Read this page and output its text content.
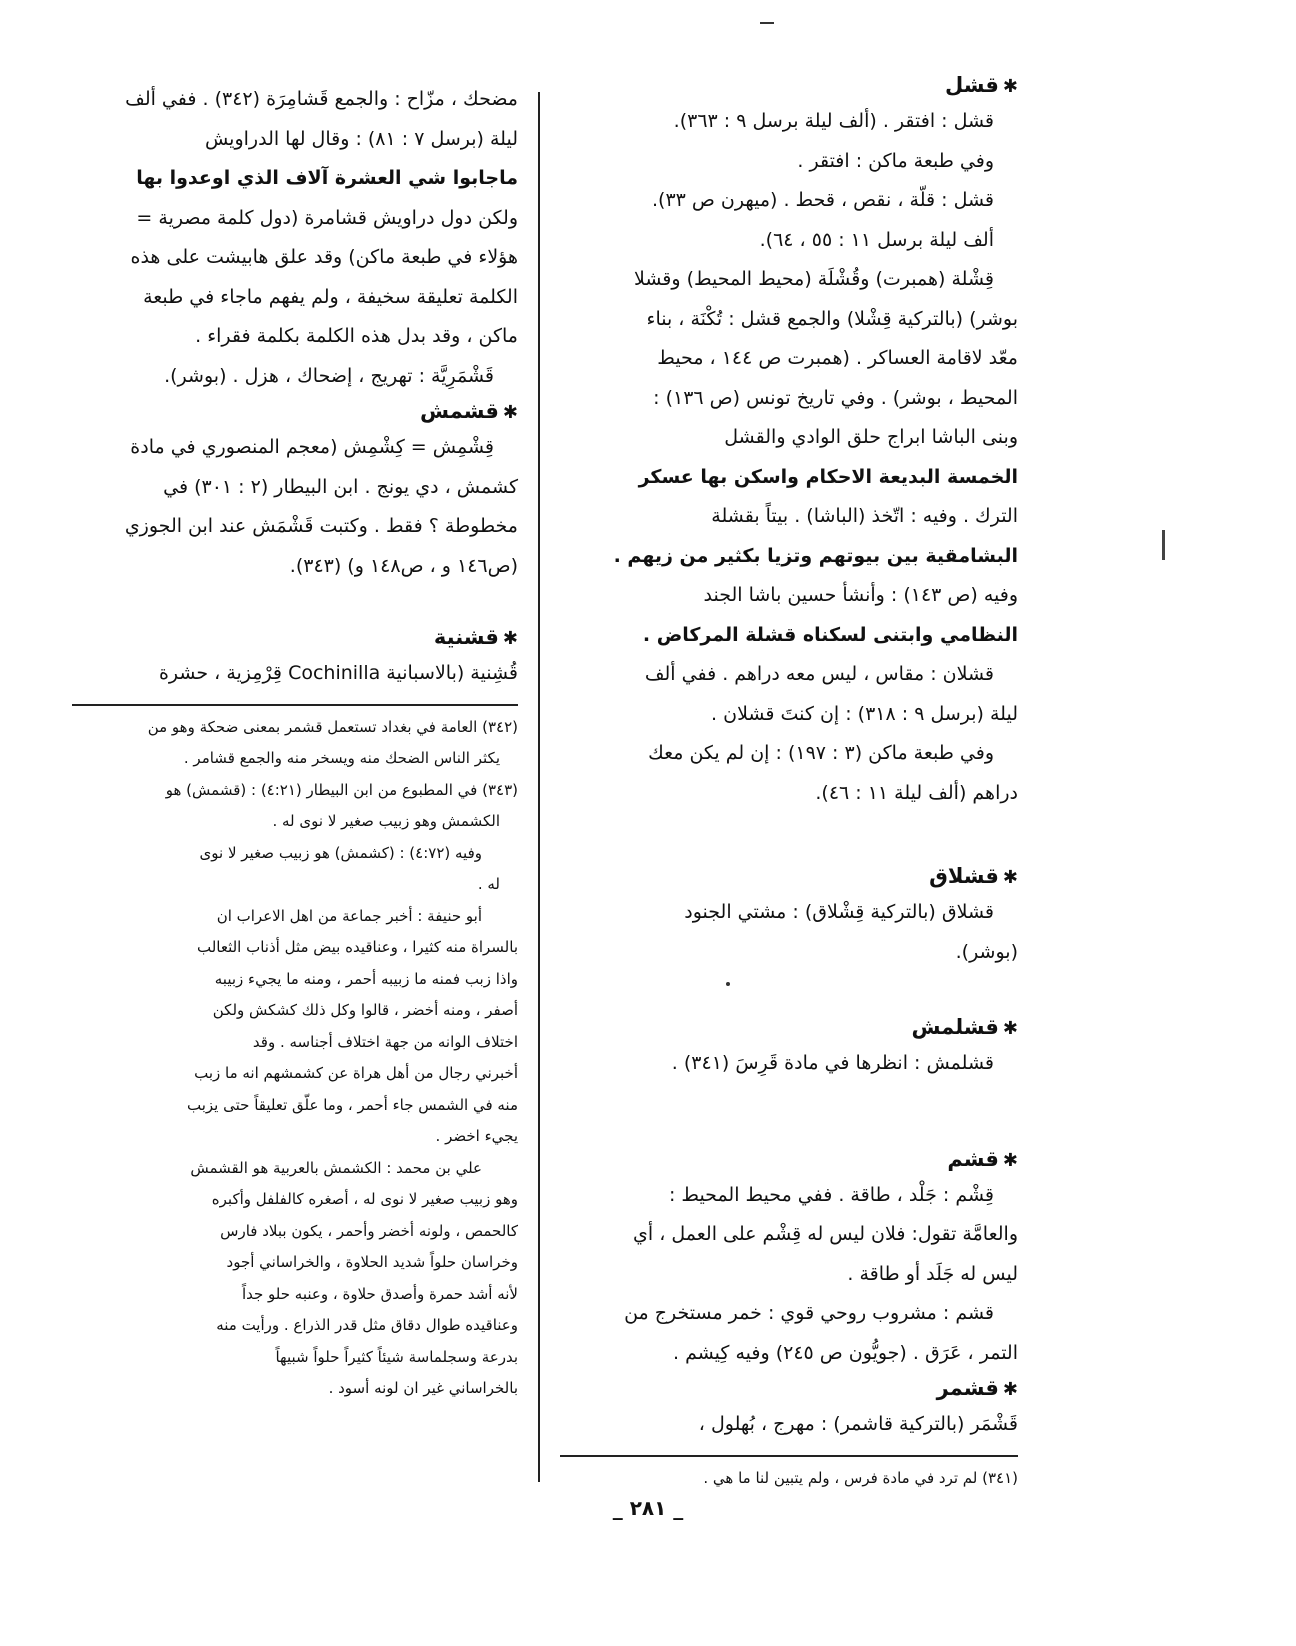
✱قشل

قشل : افتقر . (ألف ليلة برسل ٩ : ٣٦٣).

وفي طبعة ماكن : افتقر .

قشل : قلّة ، نقص ، قحط . (ميهرن ص ٣٣).

ألف ليلة برسل ١١ : ٥٥ ، ٦٤).

قِشْلة (همبرت) وقُشْلَة (محيط المحيط) وقشلا

بوشر) (بالتركية قِشْلا) والجمع قشل : تُكْنَة ، بناء

معّد لاقامة العساكر . (همبرت ص ١٤٤ ، محيط

المحيط ، بوشر) . وفي تاريخ تونس (ص ١٣٦) :

وبنى الباشا ابراج حلق الوادي والقشل

الخمسة البديعة الاحكام واسكن بها عسكر

الترك . وفيه : اتّخذ (الباشا) . بيتاً بقشلة

البشامقية بين بيوتهم وتزيا بكثير من زيهم .

وفيه (ص ١٤٣) : وأنشأ حسين باشا الجند

النظامي وابتنى لسكناه قشلة المركاض .

قشلان : مقاس ، ليس معه دراهم . ففي ألف

ليلة (برسل ٩ : ٣١٨) : إن كنتَ قشلان .

وفي طبعة ماكن (٣ : ١٩٧) : إن لم يكن معك

دراهم (ألف ليلة ١١ : ٤٦).

✱قشلاق

قشلاق (بالتركية قِشْلاق) : مشتي الجنود

(بوشر).

✱قشلمش

قشلمش : انظرها في مادة قَرِسَ (٣٤١) .

✱قشم

قِشْم : جَلْد ، طاقة . ففي محيط المحيط :

والعامَّة تقول: فلان ليس له قِشْم على العمل ، أي

ليس له جَلَد أو طاقة .

قشم : مشروب روحي قوي : خمر مستخرج من

التمر ، عَرَق . (جويُّون ص ٢٤٥) وفيه كِيشم .

✱قشمر

قَشْمَر (بالتركية قاشمر) : مهرج ، بُهلول ،

(٣٤١) لم ترد في مادة فرس ، ولم يتبين لنا ما هي .

مضحك ، مزّاح : والجمع قَشامِرَة (٣٤٢) . ففي ألف

ليلة (برسل ٧ : ٨١) : وقال لها الدراويش

ماجابوا شي العشرة آلاف الذي اوعدوا بها

ولكن دول دراويش قشامرة (دول كلمة مصرية =

هؤلاء في طبعة ماكن) وقد علق هابيشت على هذه

الكلمة تعليقة سخيفة ، ولم يفهم ماجاء في طبعة

ماكن ، وقد بدل هذه الكلمة بكلمة فقراء .

قَشْمَرِيَّة : تهريج ، إضحاك ، هزل . (بوشر).

✱قشمش

قِشْمِش = كِشْمِش (معجم المنصوري في مادة

كشمش ، دي يونج . ابن البيطار (٢ : ٣٠١) في

مخطوطة ؟ فقط . وكتبت قَشْمَش عند ابن الجوزي

(ص١٤٦ و ، ص١٤٨ و) (٣٤٣).

✱قشنية

قُشِنية (بالاسبانية Cochinilla قِرْمِزية ، حشرة

(٣٤٢) العامة في بغداد تستعمل قشمر بمعنى ضحكة وهو من

يكثر الناس الضحك منه ويسخر منه والجمع قشامر .

(٣٤٣) في المطبوع من ابن البيطار (٤:٢١) : (قشمش) هو

الكشمش وهو زبيب صغير لا نوى له .

وفيه (٤:٧٢) : (كشمش) هو زبيب صغير لا نوى

له .

أبو حنيفة : أخبر جماعة من اهل الاعراب ان

بالسراة منه كثيرا ، وعناقيده بيض مثل أذناب الثعالب

واذا زبب فمنه ما زبيبه أحمر ، ومنه ما يجيء زبيبه

أصفر ، ومنه أخضر ، قالوا وكل ذلك كشكش ولكن

اختلاف الوانه من جهة اختلاف أجناسه . وقد

أخبرني رجال من أهل هراة عن كشمشهم انه ما زبب

منه في الشمس جاء أحمر ، وما علّق تعليقاً حتى يزبب

يجيء اخضر .

علي بن محمد : الكشمش بالعربية هو القشمش

وهو زبيب صغير لا نوى له ، أصغره كالفلفل وأكبره

كالحمص ، ولونه أخضر وأحمر ، يكون ببلاد فارس

وخراسان حلواً شديد الحلاوة ، والخراساني أجود

لأنه أشد حمرة وأصدق حلاوة ، وعنبه حلو جداً

وعناقيده طوال دقاق مثل قدر الذراع . ورأيت منه

بدرعة وسجلماسة شيئاً كثيراً حلواً شبيهاً

بالخراساني غير ان لونه أسود .

_ ٢٨١ _
